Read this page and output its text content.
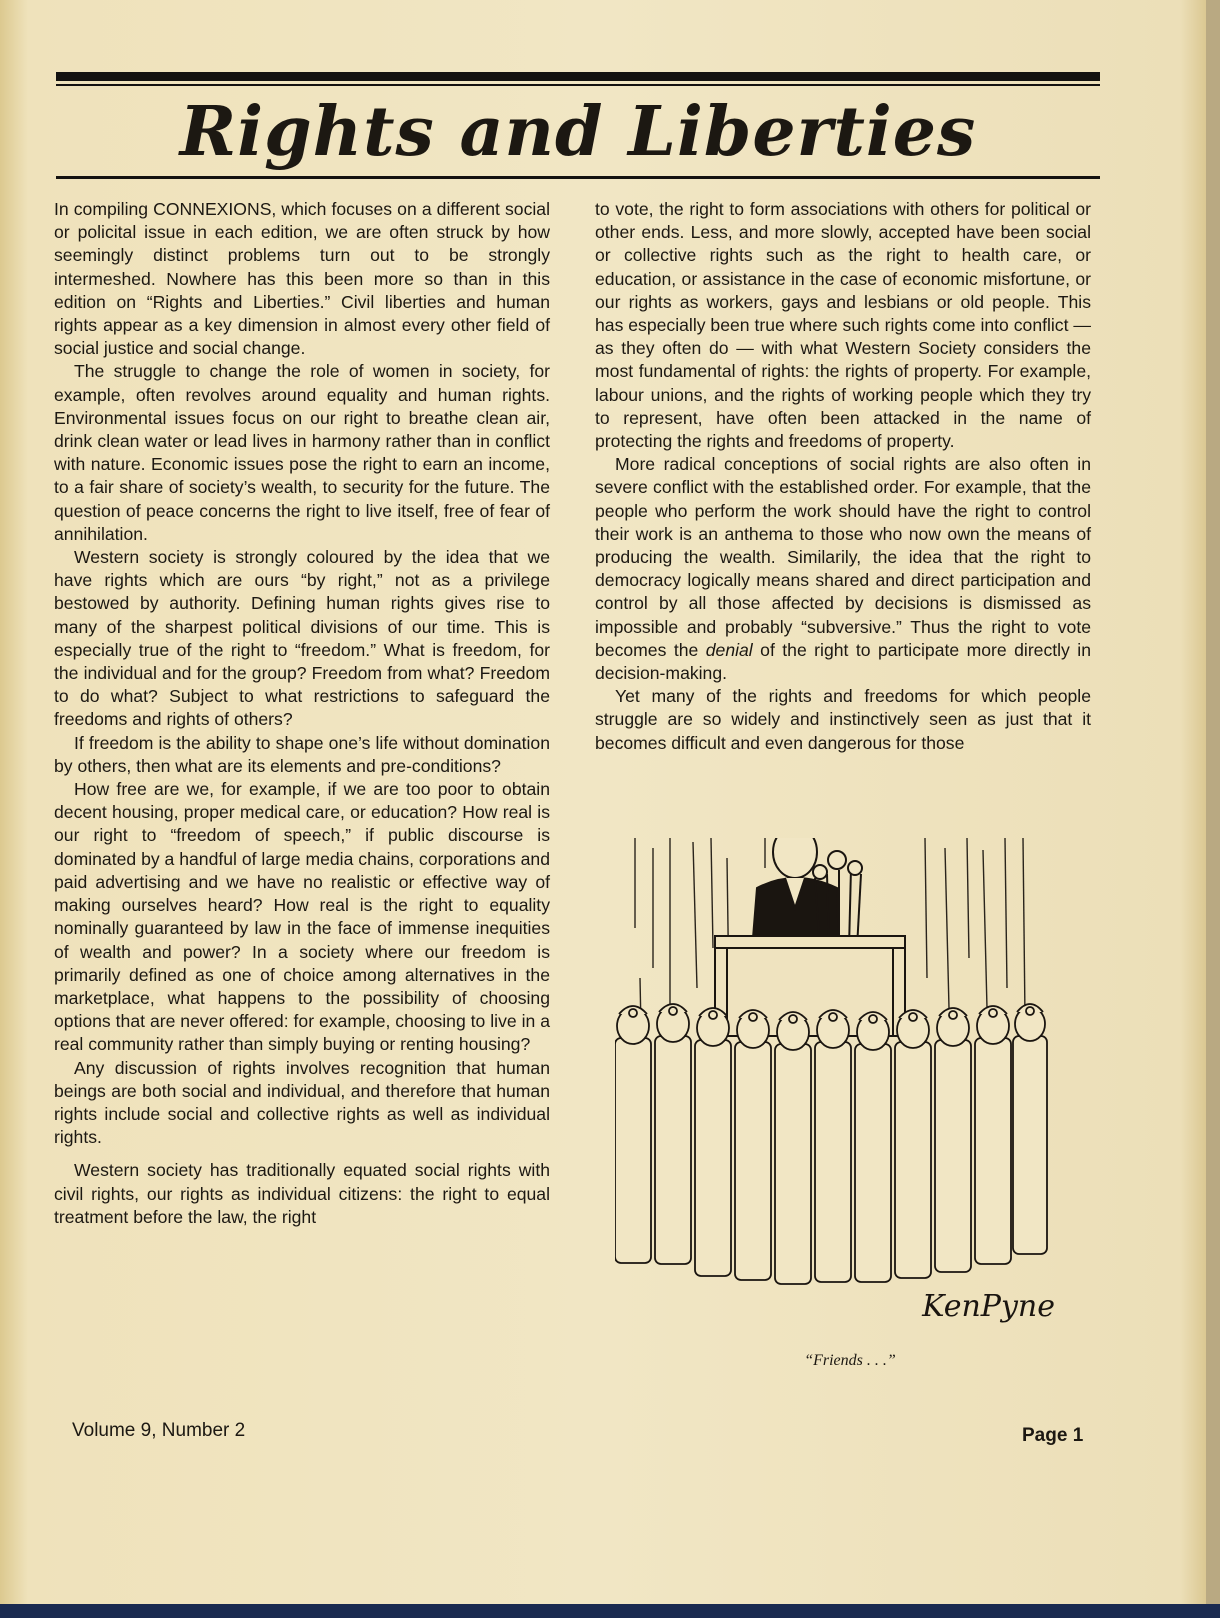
Rights and Liberties

In compiling CONNEXIONS, which focuses on a different social or policital issue in each edition, we are often struck by how seemingly distinct problems turn out to be strongly intermeshed. Nowhere has this been more so than in this edition on “Rights and Liberties.” Civil liberties and human rights appear as a key dimension in almost every other field of social justice and social change.

The struggle to change the role of women in society, for example, often revolves around equality and human rights. Environmental issues focus on our right to breathe clean air, drink clean water or lead lives in harmony rather than in conflict with nature. Economic issues pose the right to earn an income, to a fair share of society’s wealth, to security for the future. The question of peace concerns the right to live itself, free of fear of annihilation.

Western society is strongly coloured by the idea that we have rights which are ours “by right,” not as a privilege bestowed by authority. Defining human rights gives rise to many of the sharpest political divisions of our time. This is especially true of the right to “freedom.” What is freedom, for the individual and for the group? Freedom from what? Freedom to do what? Subject to what restrictions to safeguard the freedoms and rights of others?

If freedom is the ability to shape one’s life without domination by others, then what are its elements and pre-conditions?

How free are we, for example, if we are too poor to obtain decent housing, proper medical care, or education? How real is our right to “freedom of speech,” if public discourse is dominated by a handful of large media chains, corporations and paid advertising and we have no realistic or effective way of making ourselves heard? How real is the right to equality nominally guaranteed by law in the face of immense inequities of wealth and power? In a society where our freedom is primarily defined as one of choice among alternatives in the marketplace, what happens to the possibility of choosing options that are never offered: for example, choosing to live in a real community rather than simply buying or renting housing?

Any discussion of rights involves recognition that human beings are both social and individual, and therefore that human rights include social and collective rights as well as individual rights.

Western society has traditionally equated social rights with civil rights, our rights as individual citizens: the right to equal treatment before the law, the right

to vote, the right to form associations with others for political or other ends. Less, and more slowly, accepted have been social or collective rights such as the right to health care, or education, or assistance in the case of economic misfortune, or our rights as workers, gays and lesbians or old people. This has especially been true where such rights come into conflict — as they often do — with what Western Society considers the most fundamental of rights: the rights of property. For example, labour unions, and the rights of working people which they try to represent, have often been attacked in the name of protecting the rights and freedoms of property.

More radical conceptions of social rights are also often in severe conflict with the established order. For example, that the people who perform the work should have the right to control their work is an anthema to those who now own the means of producing the wealth. Similarily, the idea that the right to democracy logically means shared and direct participation and control by all those affected by decisions is dismissed as impossible and probably “subversive.” Thus the right to vote becomes the denial of the right to participate more directly in decision-making.

Yet many of the rights and freedoms for which people struggle are so widely and instinctively seen as just that it becomes difficult and even dangerous for those

KenPyne
“Friends . . .”
Volume 9, Number 2	Page 1
